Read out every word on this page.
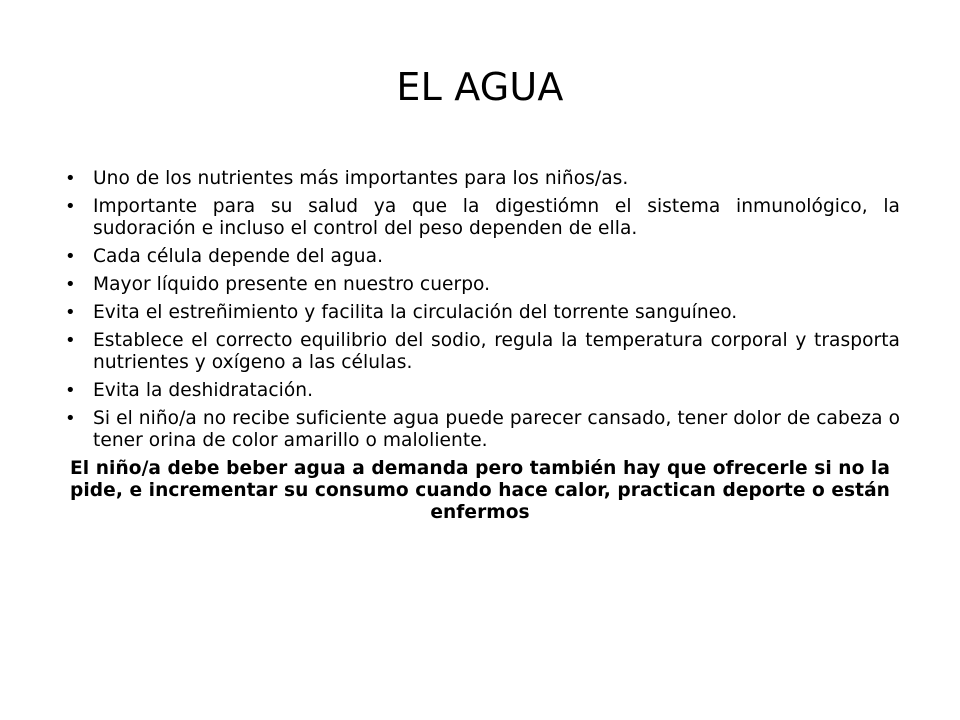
EL AGUA
• Uno de los nutrientes más importantes para los niños/as.
• Importante para su salud ya que la digestiómn el sistema inmunológico, la sudoración e incluso el control del peso dependen de ella.
• Cada célula depende del agua.
• Mayor líquido presente en nuestro cuerpo.
• Evita el estreñimiento y facilita la circulación del torrente sanguíneo.
• Establece el correcto equilibrio del sodio, regula la temperatura corporal y trasporta nutrientes y oxígeno a las células.
• Evita la deshidratación.
• Si el niño/a no recibe suficiente agua puede parecer cansado, tener dolor de cabeza o tener orina de color amarillo o maloliente.

El niño/a debe beber agua a demanda pero también hay que ofrecerle si no la pide, e incrementar su consumo cuando hace calor, practican deporte o están enfermos
